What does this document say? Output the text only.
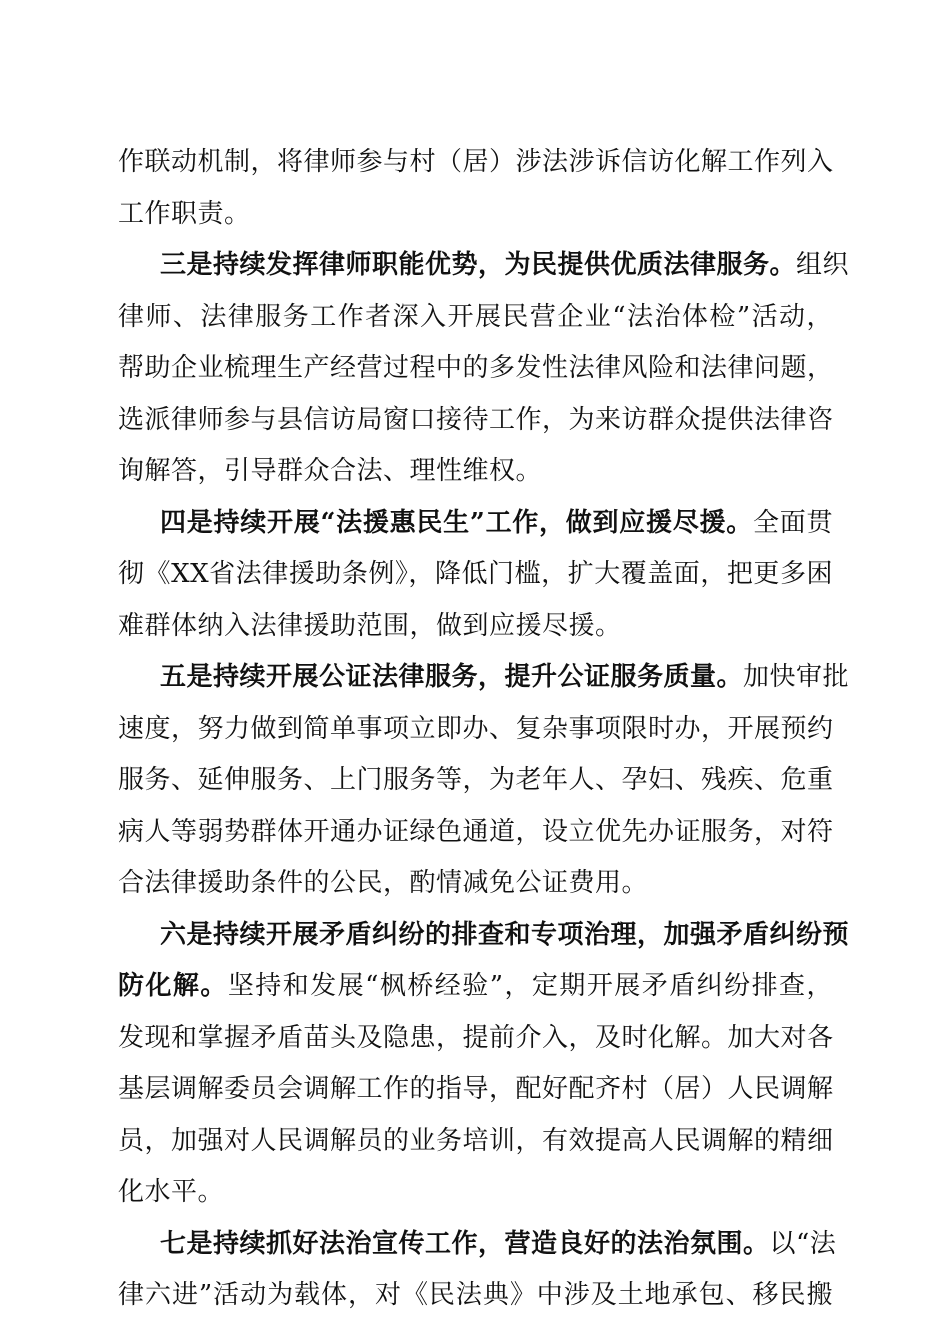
作联动机制，将律师参与村（居）涉法涉诉信访化解工作列入
工作职责。
三是持续发挥律师职能优势，为民提供优质法律服务。组织
律师、法律服务工作者深入开展民营企业“法治体检”活动，
帮助企业梳理生产经营过程中的多发性法律风险和法律问题，
选派律师参与县信访局窗口接待工作，为来访群众提供法律咨
询解答，引导群众合法、理性维权。
四是持续开展“法援惠民生”工作，做到应援尽援。全面贯
彻《XX省法律援助条例》，降低门槛，扩大覆盖面，把更多困
难群体纳入法律援助范围，做到应援尽援。
五是持续开展公证法律服务，提升公证服务质量。加快审批
速度，努力做到简单事项立即办、复杂事项限时办，开展预约
服务、延伸服务、上门服务等，为老年人、孕妇、残疾、危重
病人等弱势群体开通办证绿色通道，设立优先办证服务，对符
合法律援助条件的公民，酌情减免公证费用。
六是持续开展矛盾纠纷的排查和专项治理，加强矛盾纠纷预
防化解。坚持和发展“枫桥经验”，定期开展矛盾纠纷排查，
发现和掌握矛盾苗头及隐患，提前介入，及时化解。加大对各
基层调解委员会调解工作的指导，配好配齐村（居）人民调解
员，加强对人民调解员的业务培训，有效提高人民调解的精细
化水平。
七是持续抓好法治宣传工作，营造良好的法治氛围。以“法
律六进”活动为载体，对《民法典》中涉及土地承包、移民搬
